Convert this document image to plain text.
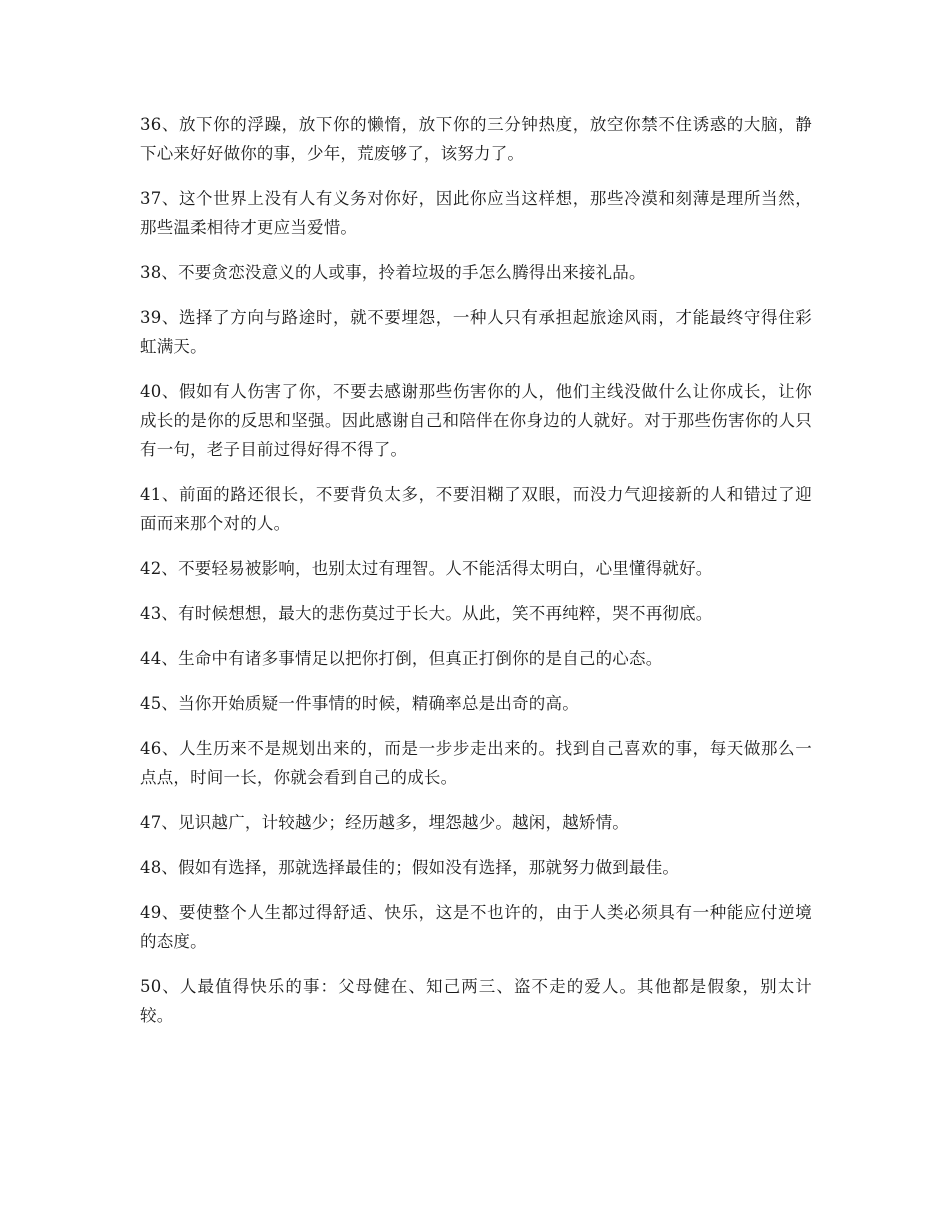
36、放下你的浮躁，放下你的懒惰，放下你的三分钟热度，放空你禁不住诱惑的大脑，静下心来好好做你的事，少年，荒废够了，该努力了。

37、这个世界上没有人有义务对你好，因此你应当这样想，那些冷漠和刻薄是理所当然，那些温柔相待才更应当爱惜。

38、不要贪恋没意义的人或事，拎着垃圾的手怎么腾得出来接礼品。

39、选择了方向与路途时，就不要埋怨，一种人只有承担起旅途风雨，才能最终守得住彩虹满天。

40、假如有人伤害了你，不要去感谢那些伤害你的人，他们主线没做什么让你成长，让你成长的是你的反思和坚强。因此感谢自己和陪伴在你身边的人就好。对于那些伤害你的人只有一句，老子目前过得好得不得了。

41、前面的路还很长，不要背负太多，不要泪糊了双眼，而没力气迎接新的人和错过了迎面而来那个对的人。

42、不要轻易被影响，也别太过有理智。人不能活得太明白，心里懂得就好。

43、有时候想想，最大的悲伤莫过于长大。从此，笑不再纯粹，哭不再彻底。

44、生命中有诸多事情足以把你打倒，但真正打倒你的是自己的心态。

45、当你开始质疑一件事情的时候，精确率总是出奇的高。

46、人生历来不是规划出来的，而是一步步走出来的。找到自己喜欢的事，每天做那么一点点，时间一长，你就会看到自己的成长。

47、见识越广，计较越少；经历越多，埋怨越少。越闲，越矫情。

48、假如有选择，那就选择最佳的；假如没有选择，那就努力做到最佳。

49、要使整个人生都过得舒适、快乐，这是不也许的，由于人类必须具有一种能应付逆境的态度。

50、人最值得快乐的事：父母健在、知己两三、盗不走的爱人。其他都是假象，别太计较。
